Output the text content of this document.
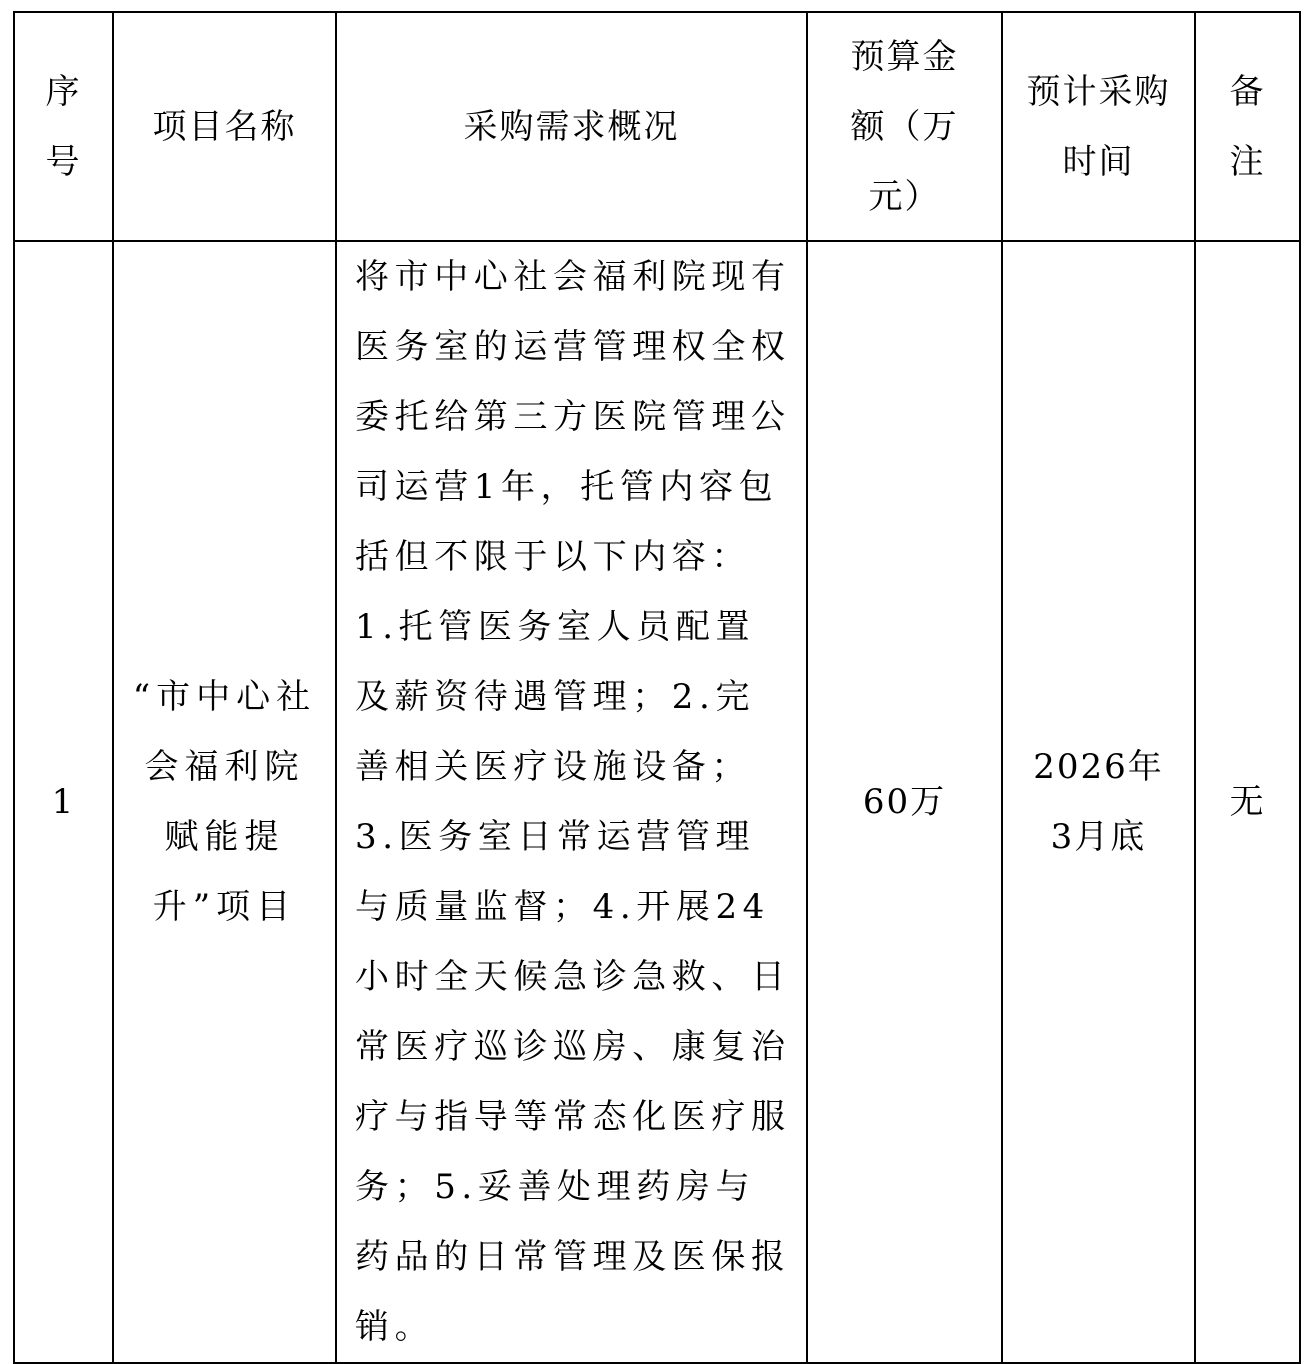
序号	项目名称	采购需求概况	预算金额（万元）	预计采购时间	备注
1	“市中心社会福利院赋能提升”项目	将市中心社会福利院现有医务室的运营管理权全权委托给第三方医院管理公司运营1年，托管内容包括但不限于以下内容：1.托管医务室人员配置及薪资待遇管理；2.完善相关医疗设施设备；3.医务室日常运营管理与质量监督；4.开展24小时全天候急诊急救、日常医疗巡诊巡房、康复治疗与指导等常态化医疗服务；5.妥善处理药房与药品的日常管理及医保报销。	60万	2026年3月底	无
